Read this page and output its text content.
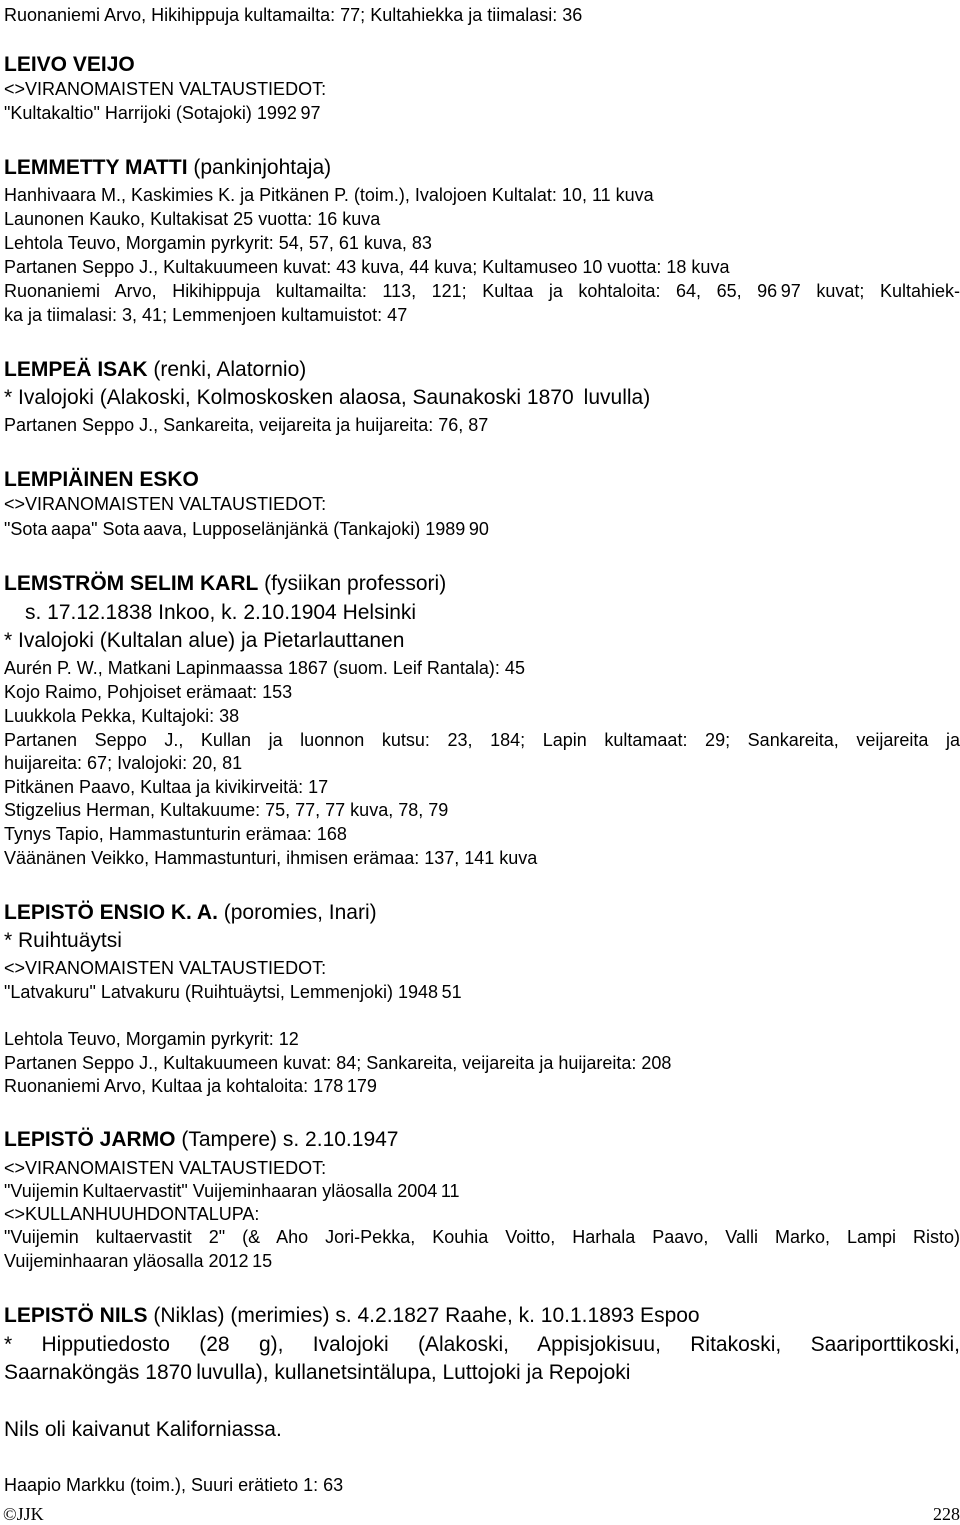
Ruonaniemi Arvo, Hikihippuja kultamailta: 77; Kultahiekka ja tiimalasi: 36
LEIVO VEIJO
<>VIRANOMAISTEN VALTAUSTIEDOT:
"Kultakaltio" Harrijoki (Sotajoki) 1992 97
LEMMETTY MATTI (pankinjohtaja)
Hanhivaara M., Kaskimies K. ja Pitkänen P. (toim.), Ivalojoen Kultalat: 10, 11 kuva
Launonen Kauko, Kultakisat 25 vuotta: 16 kuva
Lehtola Teuvo, Morgamin pyrkyrit: 54, 57, 61 kuva, 83
Partanen Seppo J., Kultakuumeen kuvat: 43 kuva, 44 kuva; Kultamuseo 10 vuotta: 18 kuva
Ruonaniemi Arvo, Hikihippuja kultamailta: 113, 121; Kultaa ja kohtaloita: 64, 65, 96 97 kuvat; Kultahiek-
ka ja tiimalasi: 3, 41; Lemmenjoen kultamuistot: 47
LEMPEÄ ISAK (renki, Alatornio)
* Ivalojoki (Alakoski, Kolmoskosken alaosa, Saunakoski 1870  luvulla)
Partanen Seppo J., Sankareita, veijareita ja huijareita: 76, 87
LEMPIÄINEN ESKO
<>VIRANOMAISTEN VALTAUSTIEDOT:
"Sota aapa" Sota aava, Lupposelänjänkä (Tankajoki) 1989 90
LEMSTRÖM SELIM KARL (fysiikan professori)
 s. 17.12.1838 Inkoo, k. 2.10.1904 Helsinki
* Ivalojoki (Kultalan alue) ja Pietarlauttanen
Aurén P. W., Matkani Lapinmaassa 1867 (suom. Leif Rantala): 45
Kojo Raimo, Pohjoiset erämaat: 153
Luukkola Pekka, Kultajoki: 38
Partanen Seppo J., Kullan ja luonnon kutsu: 23, 184; Lapin kultamaat: 29; Sankareita, veijareita ja
huijareita: 67; Ivalojoki: 20, 81
Pitkänen Paavo, Kultaa ja kivikirveitä: 17
Stigzelius Herman, Kultakuume: 75, 77, 77 kuva, 78, 79
Tynys Tapio, Hammastunturin erämaa: 168
Väänänen Veikko, Hammastunturi, ihmisen erämaa: 137, 141 kuva
LEPISTÖ ENSIO K. A. (poromies, Inari)
* Ruihtuäytsi
<>VIRANOMAISTEN VALTAUSTIEDOT:
"Latvakuru" Latvakuru (Ruihtuäytsi, Lemmenjoki) 1948 51
Lehtola Teuvo, Morgamin pyrkyrit: 12
Partanen Seppo J., Kultakuumeen kuvat: 84; Sankareita, veijareita ja huijareita: 208
Ruonaniemi Arvo, Kultaa ja kohtaloita: 178 179
LEPISTÖ JARMO (Tampere) s. 2.10.1947
<>VIRANOMAISTEN VALTAUSTIEDOT:
"Vuijemin Kultaervastit" Vuijeminhaaran yläosalla 2004 11
<>KULLANHUUHDONTALUPA:
"Vuijemin kultaervastit 2" (& Aho Jori-Pekka, Kouhia Voitto, Harhala Paavo, Valli Marko, Lampi Risto)
Vuijeminhaaran yläosalla 2012 15
LEPISTÖ NILS (Niklas) (merimies) s. 4.2.1827 Raahe, k. 10.1.1893 Espoo
* Hipputiedosto (28 g), Ivalojoki (Alakoski, Appisjokisuu, Ritakoski, Saariporttikoski,
Saarnaköngäs 1870 luvulla), kullanetsintälupa, Luttojoki ja Repojoki
Nils oli kaivanut Kaliforniassa.
Haapio Markku (toim.), Suuri erätieto 1: 63
©JJK	228
